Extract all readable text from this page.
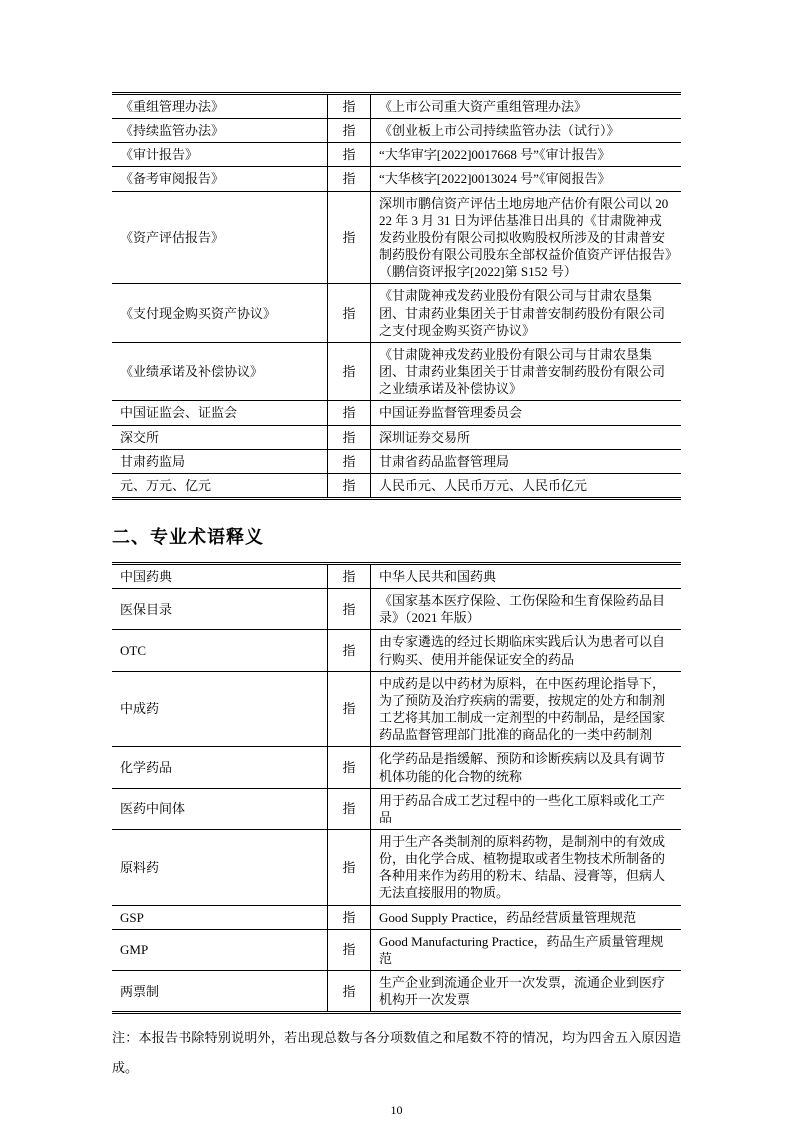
《重组管理办法》	指	《上市公司重大资产重组管理办法》
《持续监管办法》	指	《创业板上市公司持续监管办法（试行）》
《审计报告》	指	“大华审字[2022]0017668 号”《审计报告》
《备考审阅报告》	指	“大华核字[2022]0013024 号”《审阅报告》
《资产评估报告》	指	深圳市鹏信资产评估土地房地产估价有限公司以 2022 年 3 月 31 日为评估基准日出具的《甘肃陇神戎发药业股份有限公司拟收购股权所涉及的甘肃普安制药股份有限公司股东全部权益价值资产评估报告》（鹏信资评报字[2022]第 S152 号）
《支付现金购买资产协议》	指	《甘肃陇神戎发药业股份有限公司与甘肃农垦集团、甘肃药业集团关于甘肃普安制药股份有限公司之支付现金购买资产协议》
《业绩承诺及补偿协议》	指	《甘肃陇神戎发药业股份有限公司与甘肃农垦集团、甘肃药业集团关于甘肃普安制药股份有限公司之业绩承诺及补偿协议》
中国证监会、证监会	指	中国证券监督管理委员会
深交所	指	深圳证券交易所
甘肃药监局	指	甘肃省药品监督管理局
元、万元、亿元	指	人民币元、人民币万元、人民币亿元
二、专业术语释义
中国药典	指	中华人民共和国药典
医保目录	指	《国家基本医疗保险、工伤保险和生育保险药品目录》（2021 年版）
OTC	指	由专家遴选的经过长期临床实践后认为患者可以自行购买、使用并能保证安全的药品
中成药	指	中成药是以中药材为原料，在中医药理论指导下，为了预防及治疗疾病的需要，按规定的处方和制剂工艺将其加工制成一定剂型的中药制品，是经国家药品监督管理部门批准的商品化的一类中药制剂
化学药品	指	化学药品是指缓解、预防和诊断疾病以及具有调节机体功能的化合物的统称
医药中间体	指	用于药品合成工艺过程中的一些化工原料或化工产品
原料药	指	用于生产各类制剂的原料药物，是制剂中的有效成份，由化学合成、植物提取或者生物技术所制备的各种用来作为药用的粉末、结晶、浸膏等，但病人无法直接服用的物质。
GSP	指	Good Supply Practice，药品经营质量管理规范
GMP	指	Good Manufacturing Practice，药品生产质量管理规范
两票制	指	生产企业到流通企业开一次发票，流通企业到医疗机构开一次发票

注：本报告书除特别说明外，若出现总数与各分项数值之和尾数不符的情况，均为四舍五入原因造成。

10
